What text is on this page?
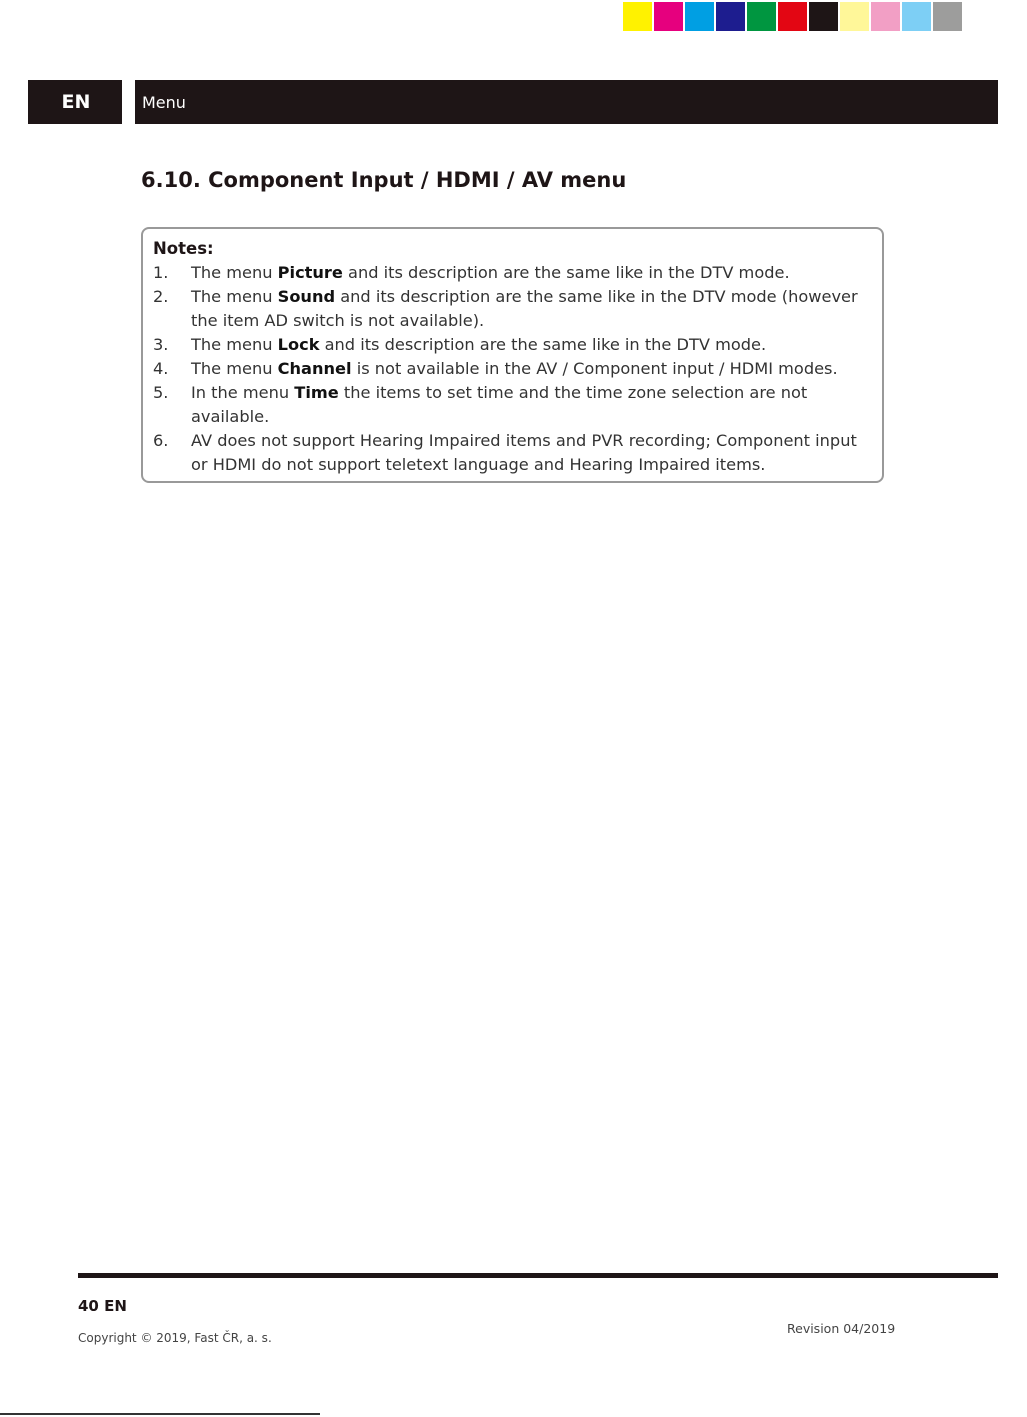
EN	Menu
6.10. Component Input / HDMI / AV menu
Notes:
1.	The menu Picture and its description are the same like in the DTV mode.
2.	The menu Sound and its description are the same like in the DTV mode (however the item AD switch is not available).
3.	The menu Lock and its description are the same like in the DTV mode.
4.	The menu Channel is not available in the AV / Component input / HDMI modes.
5.	In the menu Time the items to set time and the time zone selection are not available.
6.	AV does not support Hearing Impaired items and PVR recording; Component input or HDMI do not support teletext language and Hearing Impaired items.
40 EN
Copyright © 2019, Fast ČR, a. s.
Revision 04/2019
